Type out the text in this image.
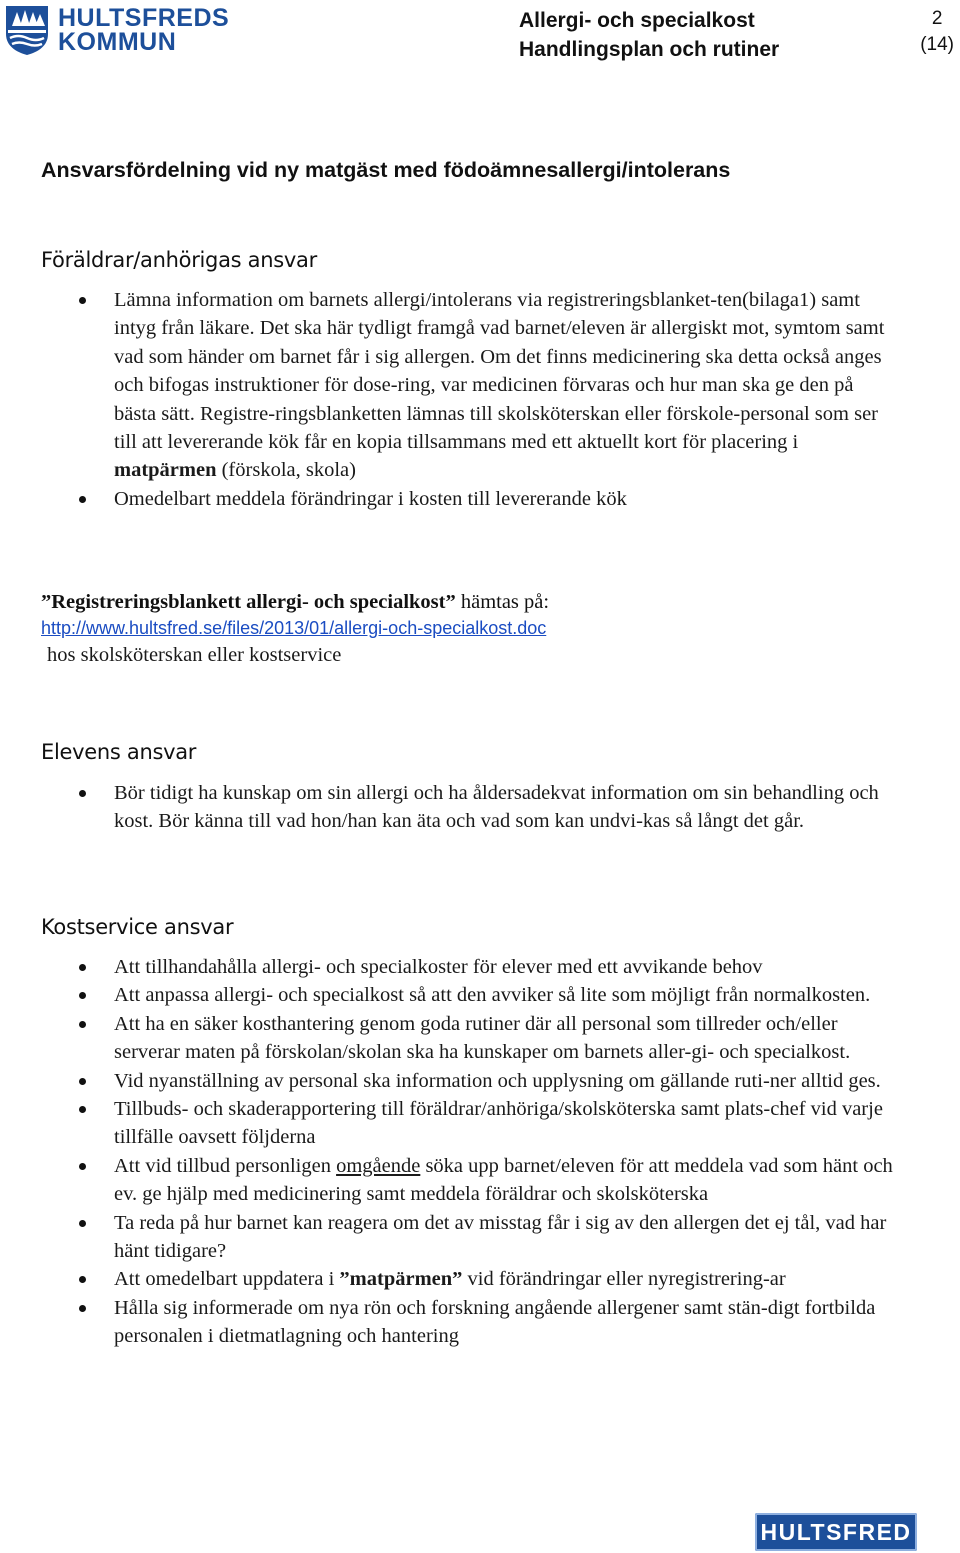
HULTSFREDS
KOMMUN
Allergi- och specialkost
Handlingsplan och rutiner
2
(14)
Ansvarsfördelning vid ny matgäst med födoämnesallergi/intolerans
Föräldrar/anhörigas ansvar
Lämna information om barnets allergi/intolerans via registreringsblanket-ten(bilaga1) samt intyg från läkare. Det ska här tydligt framgå vad barnet/eleven är allergiskt mot, symtom samt vad som händer om barnet får i sig allergen. Om det finns medicinering ska detta också anges och bifogas instruktioner för dose-ring, var medicinen förvaras och hur man ska ge den på bästa sätt. Registre-ringsblanketten lämnas till skolsköterskan eller förskole-personal som ser till att levererande kök får en kopia tillsammans med ett aktuellt kort för placering i matpärmen (förskola, skola)
Omedelbart meddela förändringar i kosten till levererande kök
”Registreringsblankett allergi- och specialkost” hämtas på:
http://www.hultsfred.se/files/2013/01/allergi-och-specialkost.doc
hos skolsköterskan eller kostservice
Elevens ansvar
Bör tidigt ha kunskap om sin allergi och ha åldersadekvat information om sin behandling och kost. Bör känna till vad hon/han kan äta och vad som kan undvi-kas så långt det går.
Kostservice ansvar
Att tillhandahålla allergi- och specialkoster för elever med ett avvikande behov
Att anpassa allergi- och specialkost så att den avviker så lite som möjligt från normalkosten.
Att ha en säker kosthantering genom goda rutiner där all personal som tillreder och/eller serverar maten på förskolan/skolan ska ha kunskaper om barnets aller-gi- och specialkost.
Vid nyanställning av personal ska information och upplysning om gällande ruti-ner alltid ges.
Tillbuds- och skaderapportering till föräldrar/anhöriga/skolsköterska samt plats-chef vid varje tillfälle oavsett följderna
Att vid tillbud personligen omgående söka upp barnet/eleven för att meddela vad som hänt och ev. ge hjälp med medicinering samt meddela föräldrar och skolsköterska
Ta reda på hur barnet kan reagera om det av misstag får i sig av den allergen det ej tål, vad har hänt tidigare?
Att omedelbart uppdatera i ”matpärmen” vid förändringar eller nyregistrering-ar
Hålla sig informerade om nya rön och forskning angående allergener samt stän-digt fortbilda personalen i dietmatlagning och hantering
HULTSFRED
